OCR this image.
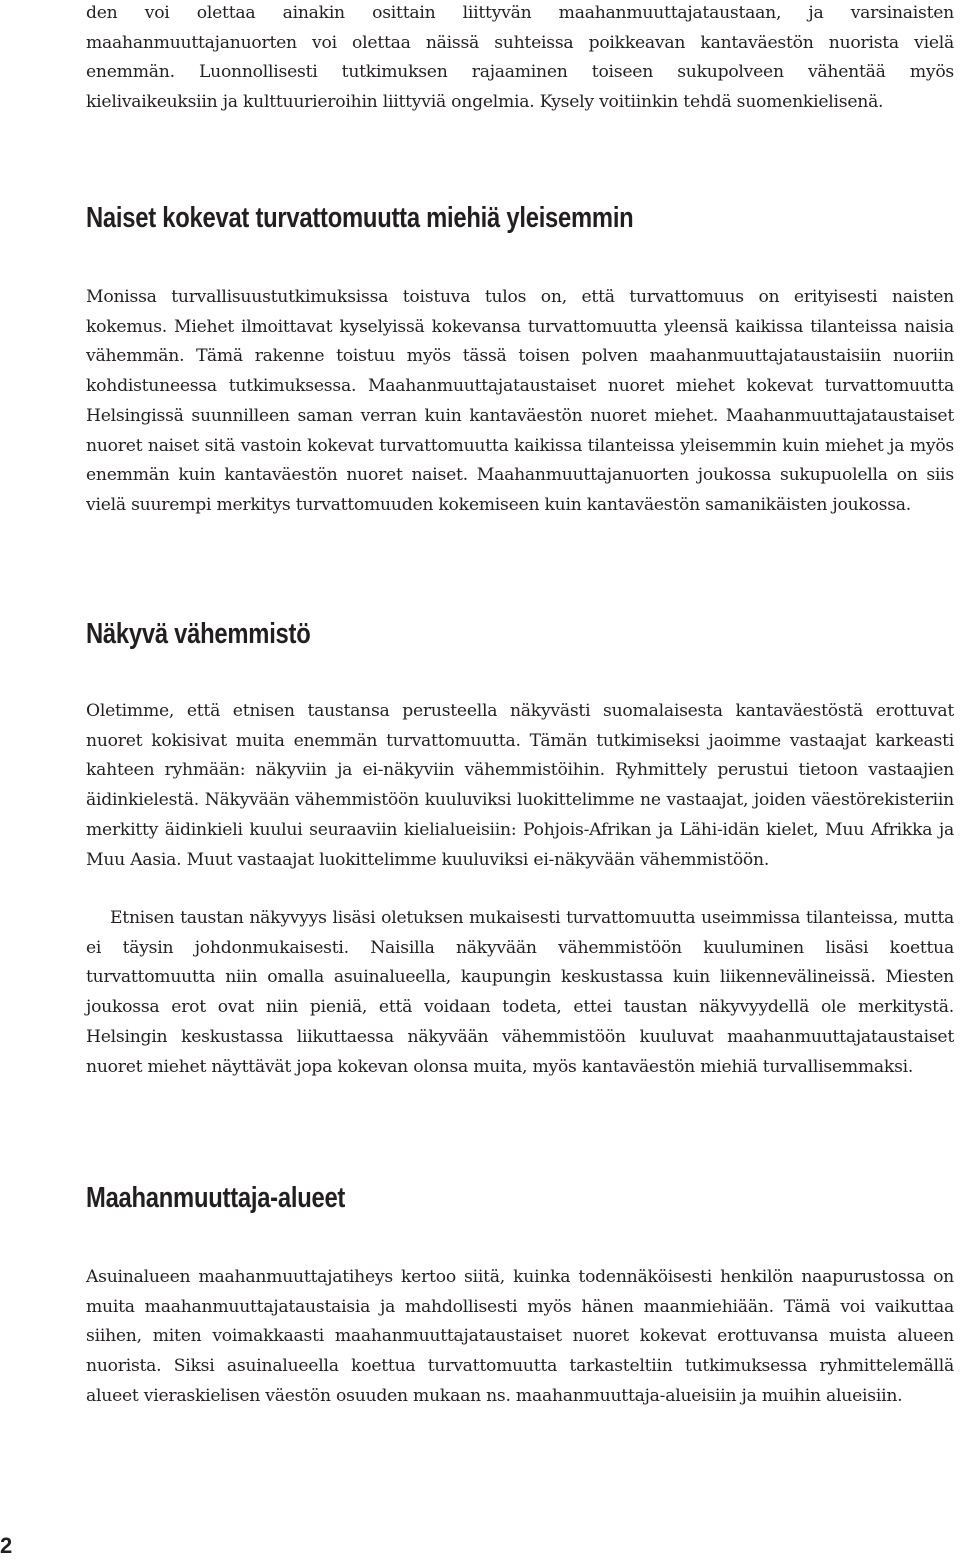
den voi olettaa ainakin osittain liittyvän maahanmuuttajataustaan, ja varsinaisten maahanmuuttajanuorten voi olettaa näissä suhteissa poikkeavan kantaväestön nuorista vielä enemmän. Luonnollisesti tutkimuksen rajaaminen toiseen sukupolveen vähentää myös kielivaikeuksiin ja kulttuurieroihin liittyviä ongelmia. Kysely voitiinkin tehdä suomenkielisenä.

Naiset kokevat turvattomuutta miehiä yleisemmin

Monissa turvallisuustutkimuksissa toistuva tulos on, että turvattomuus on erityisesti naisten kokemus. Miehet ilmoittavat kyselyissä kokevansa turvattomuutta yleensä kaikissa tilanteissa naisia vähemmän. Tämä rakenne toistuu myös tässä toisen polven maahanmuuttajataustaisiin nuoriin kohdistuneessa tutkimuksessa. Maahanmuuttajataustaiset nuoret miehet kokevat turvattomuutta Helsingissä suunnilleen saman verran kuin kantaväestön nuoret miehet. Maahanmuuttajataustaiset nuoret naiset sitä vastoin kokevat turvattomuutta kaikissa tilanteissa yleisemmin kuin miehet ja myös enemmän kuin kantaväestön nuoret naiset. Maahanmuuttajanuorten joukossa sukupuolella on siis vielä suurempi merkitys turvattomuuden kokemiseen kuin kantaväestön samanikäisten joukossa.

Näkyvä vähemmistö

Oletimme, että etnisen taustansa perusteella näkyvästi suomalaisesta kantaväestöstä erottuvat nuoret kokisivat muita enemmän turvattomuutta. Tämän tutkimiseksi jaoimme vastaajat karkeasti kahteen ryhmään: näkyviin ja ei-näkyviin vähemmistöihin. Ryhmittely perustui tietoon vastaajien äidinkielestä. Näkyvään vähemmistöön kuuluviksi luokittelimme ne vastaajat, joiden väestörekisteriin merkitty äidinkieli kuului seuraaviin kielialueisiin: Pohjois-Afrikan ja Lähi-idän kielet, Muu Afrikka ja Muu Aasia. Muut vastaajat luokittelimme kuuluviksi ei-näkyvään vähemmistöön.

Etnisen taustan näkyvyys lisäsi oletuksen mukaisesti turvattomuutta useimmissa tilanteissa, mutta ei täysin johdonmukaisesti. Naisilla näkyvään vähemmistöön kuuluminen lisäsi koettua turvattomuutta niin omalla asuinalueella, kaupungin keskustassa kuin liikennevälineissä. Miesten joukossa erot ovat niin pieniä, että voidaan todeta, ettei taustan näkyvyydellä ole merkitystä. Helsingin keskustassa liikuttaessa näkyvään vähemmistöön kuuluvat maahanmuuttajataustaiset nuoret miehet näyttävät jopa kokevan olonsa muita, myös kantaväestön miehiä turvallisemmaksi.

Maahanmuuttaja-alueet

Asuinalueen maahanmuuttajatiheys kertoo siitä, kuinka todennäköisesti henkilön naapurustossa on muita maahanmuuttajataustaisia ja mahdollisesti myös hänen maanmiehiään. Tämä voi vaikuttaa siihen, miten voimakkaasti maahanmuuttajataustaiset nuoret kokevat erottuvansa muista alueen nuorista. Siksi asuinalueella koettua turvattomuutta tarkasteltiin tutkimuksessa ryhmittelemällä alueet vieraskielisen väestön osuuden mukaan ns. maahanmuuttaja-alueisiin ja muihin alueisiin.

2
